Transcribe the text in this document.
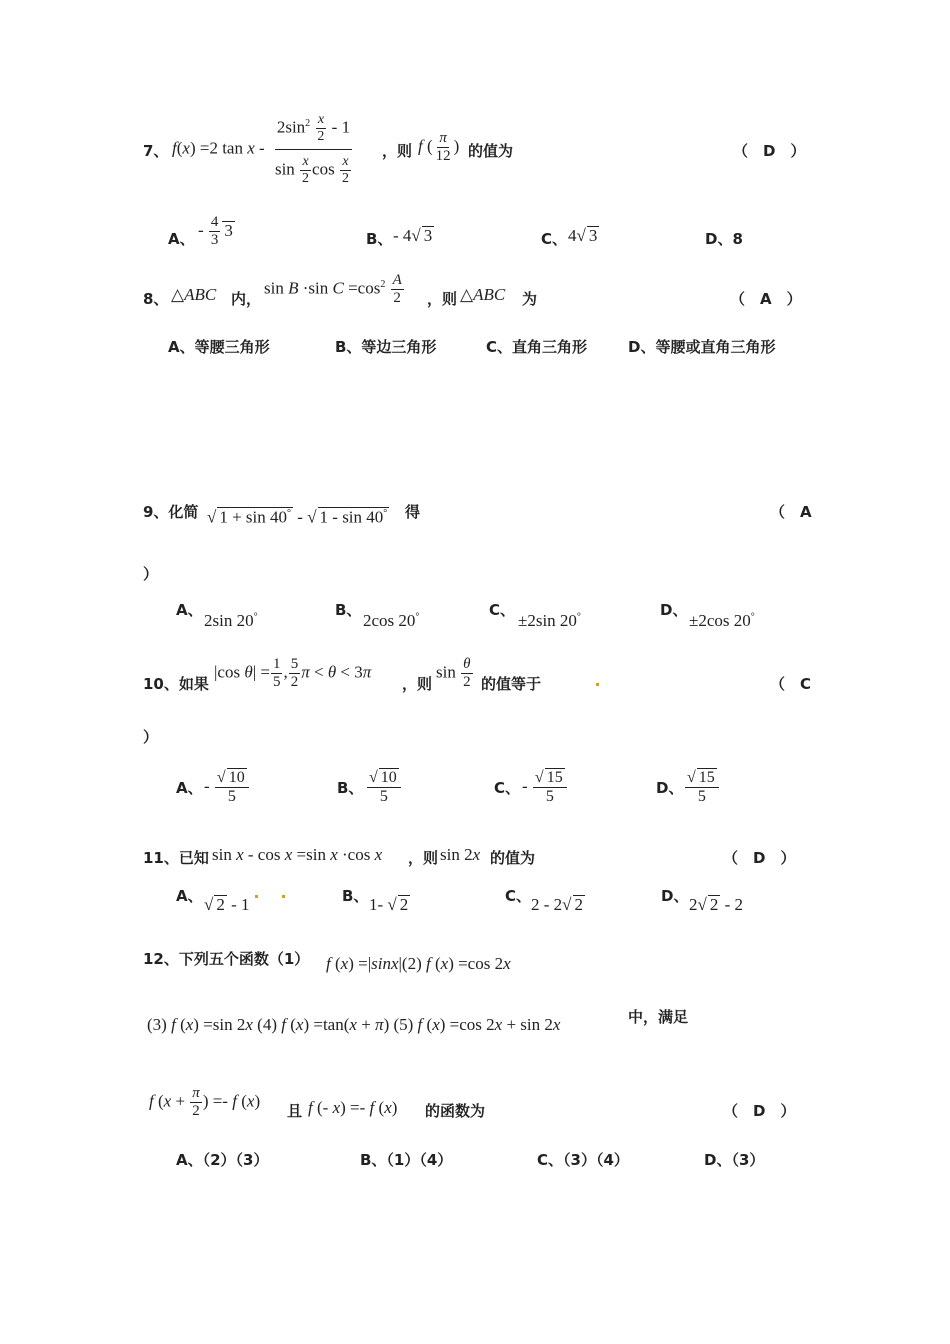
7、 f(x) =2 tan x - $\frac{2\sin^2 \frac{x}{2} - 1}{\sin \frac{x}{2} \cos \frac{x}{2}}$ ，则 f ( $\frac{\pi}{12}$ ) 的值为	（　D　）
A、 - $\frac{4}{3} 3$	B、 - 4√ 3	C、 4√ 3	D、8
8、 △ABC 内，
sin B ·sin $C =\cos^2 \frac{A}{2}$ ，则 △ABC 为	（　A　）
A、等腰三角形	B、等边三角形	C、直角三角形	D、等腰或直角三角形
9、化简 √ 1 + sin 40° - √ 1 - sin 40° 得	（　A
）
A、
2sin 20°	B、
2cos 20°	C、
±2sin 20°	D、
±2cos 20°
10、如果
|cos $\theta| = \frac{1}{5}$ , $\frac{5}{2}$ π < θ < 3π
，则
$\sin \frac{\theta}{2}$ 的值等于	（　C
）
A、 - $\frac{√ 10}{5}$	B、 $\frac{√ 10}{5}$	C、 - $\frac{√ 15}{5}$	D、 $\frac{√ 15}{5}$
11、已知 sin x - cos x =sin x ·cos x ，则 sin 2x 的值为	（　D　）
A、 √ 2 - 1	B、 1- √ 2	C、 2 - 2√ 2	D、 2√ 2 - 2
12、下列五个函数（1） f (x) =|sinx|(2) f (x) =cos 2x
(3) f (x) =sin 2x (4) f (x) =tan(x + π) (5) f (x) =cos 2x + sin 2x	中，满足
f ($x + \frac{\pi}{2}$ ) =- f (x)
且 f (- x) =- f (x) 的函数为	（　D　）
A、（2）（3）	B、（1）（4）	C、（3）（4）	D、（3）
